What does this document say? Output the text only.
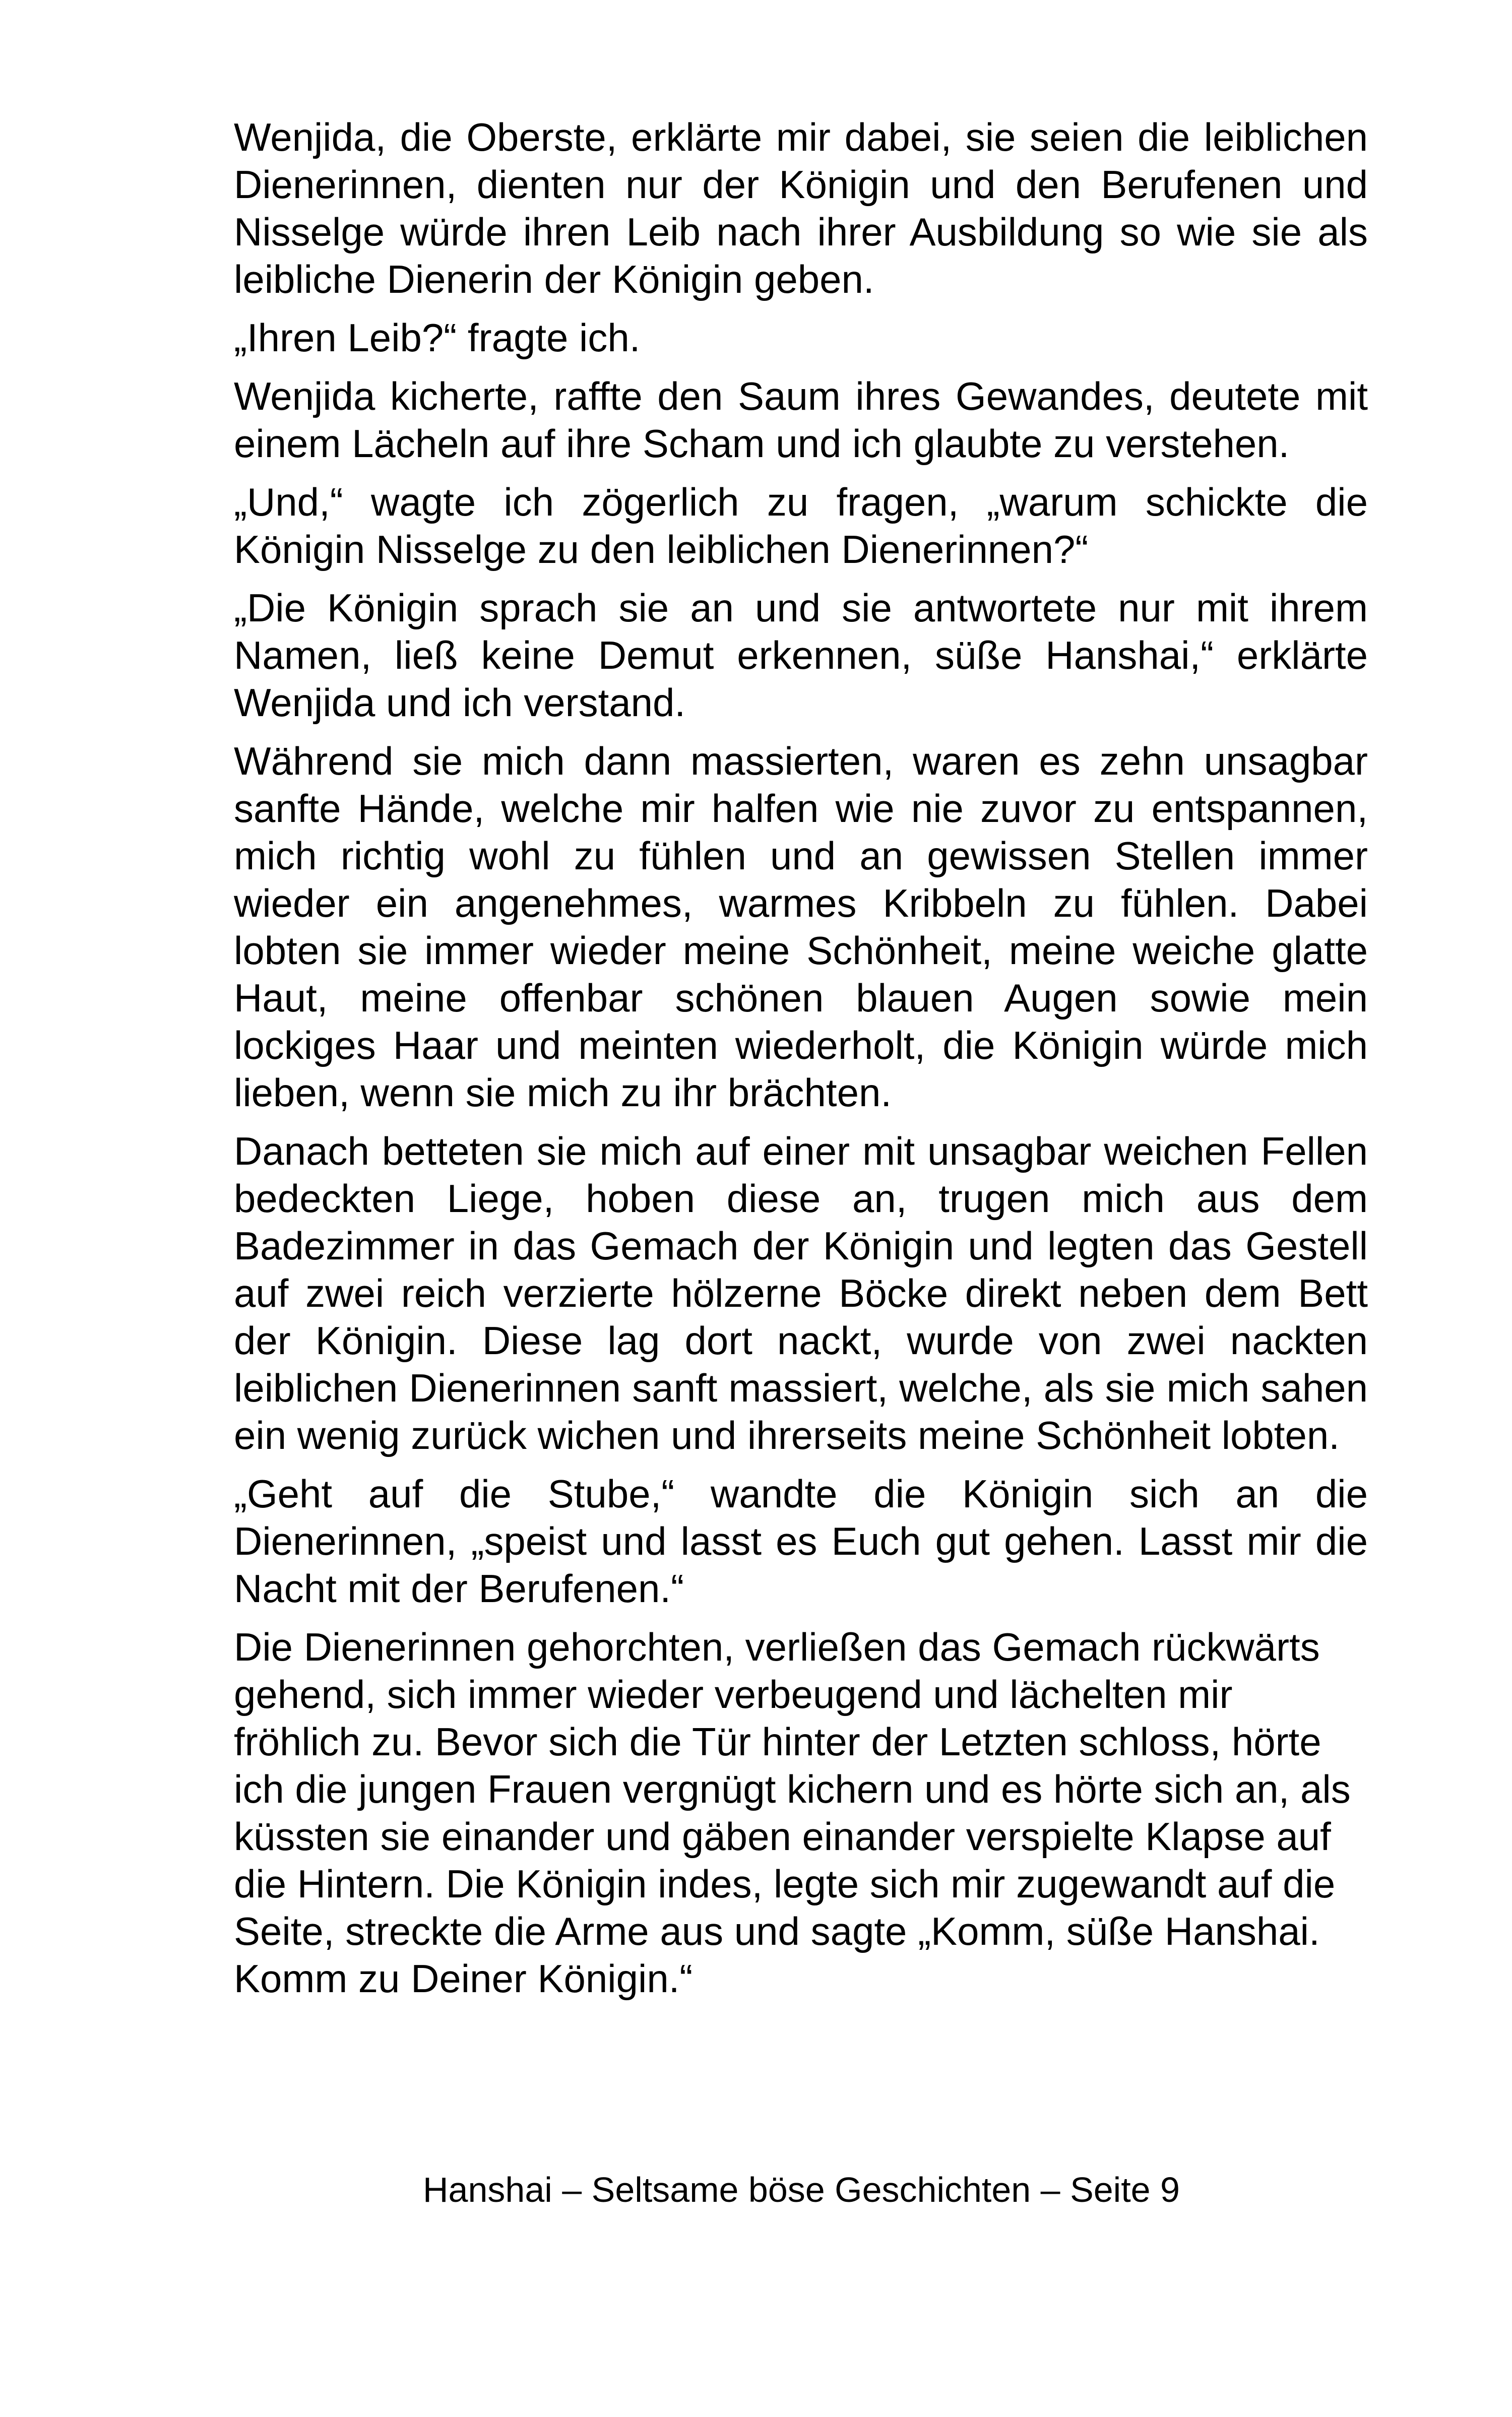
Wenjida, die Oberste, erklärte mir dabei, sie seien die leiblichen Dienerinnen, dienten nur der Königin und den Berufenen und Nisselge würde ihren Leib nach ihrer Ausbildung so wie sie als leibliche Dienerin der Königin geben.

„Ihren Leib?“ fragte ich.

Wenjida kicherte, raffte den Saum ihres Gewandes, deutete mit einem Lächeln auf ihre Scham und ich glaubte zu verstehen.

„Und,“ wagte ich zögerlich zu fragen, „warum schickte die Königin Nisselge zu den leiblichen Dienerinnen?“

„Die Königin sprach sie an und sie antwortete nur mit ihrem Namen, ließ keine Demut erkennen, süße Hanshai,“ erklärte Wenjida und ich verstand.

Während sie mich dann massierten, waren es zehn unsagbar sanfte Hände, welche mir halfen wie nie zuvor zu entspannen, mich richtig wohl zu fühlen und an gewissen Stellen immer wieder ein angenehmes, warmes Kribbeln zu fühlen. Dabei lobten sie immer wieder meine Schönheit, meine weiche glatte Haut, meine offenbar schönen blauen Augen sowie mein lockiges Haar und meinten wiederholt, die Königin würde mich lieben, wenn sie mich zu ihr brächten.

Danach betteten sie mich auf einer mit unsagbar weichen Fellen bedeckten Liege, hoben diese an, trugen mich aus dem Badezimmer in das Gemach der Königin und legten das Gestell auf zwei reich verzierte hölzerne Böcke direkt neben dem Bett der Königin. Diese lag dort nackt, wurde von zwei nackten leiblichen Dienerinnen sanft massiert, welche, als sie mich sahen ein wenig zurück wichen und ihrerseits meine Schönheit lobten.

„Geht auf die Stube,“ wandte die Königin sich an die Dienerinnen, „speist und lasst es Euch gut gehen. Lasst mir die Nacht mit der Berufenen.“

Die Dienerinnen gehorchten, verließen das Gemach rückwärts gehend, sich immer wieder verbeugend und lächelten mir fröhlich zu. Bevor sich die Tür hinter der Letzten schloss, hörte ich die jungen Frauen vergnügt kichern und es hörte sich an, als küssten sie einander und gäben einander verspielte Klapse auf die Hintern. Die Königin indes, legte sich mir zugewandt auf die Seite, streckte die Arme aus und sagte „Komm, süße Hanshai. Komm zu Deiner Königin.“

Hanshai – Seltsame böse Geschichten – Seite 9
